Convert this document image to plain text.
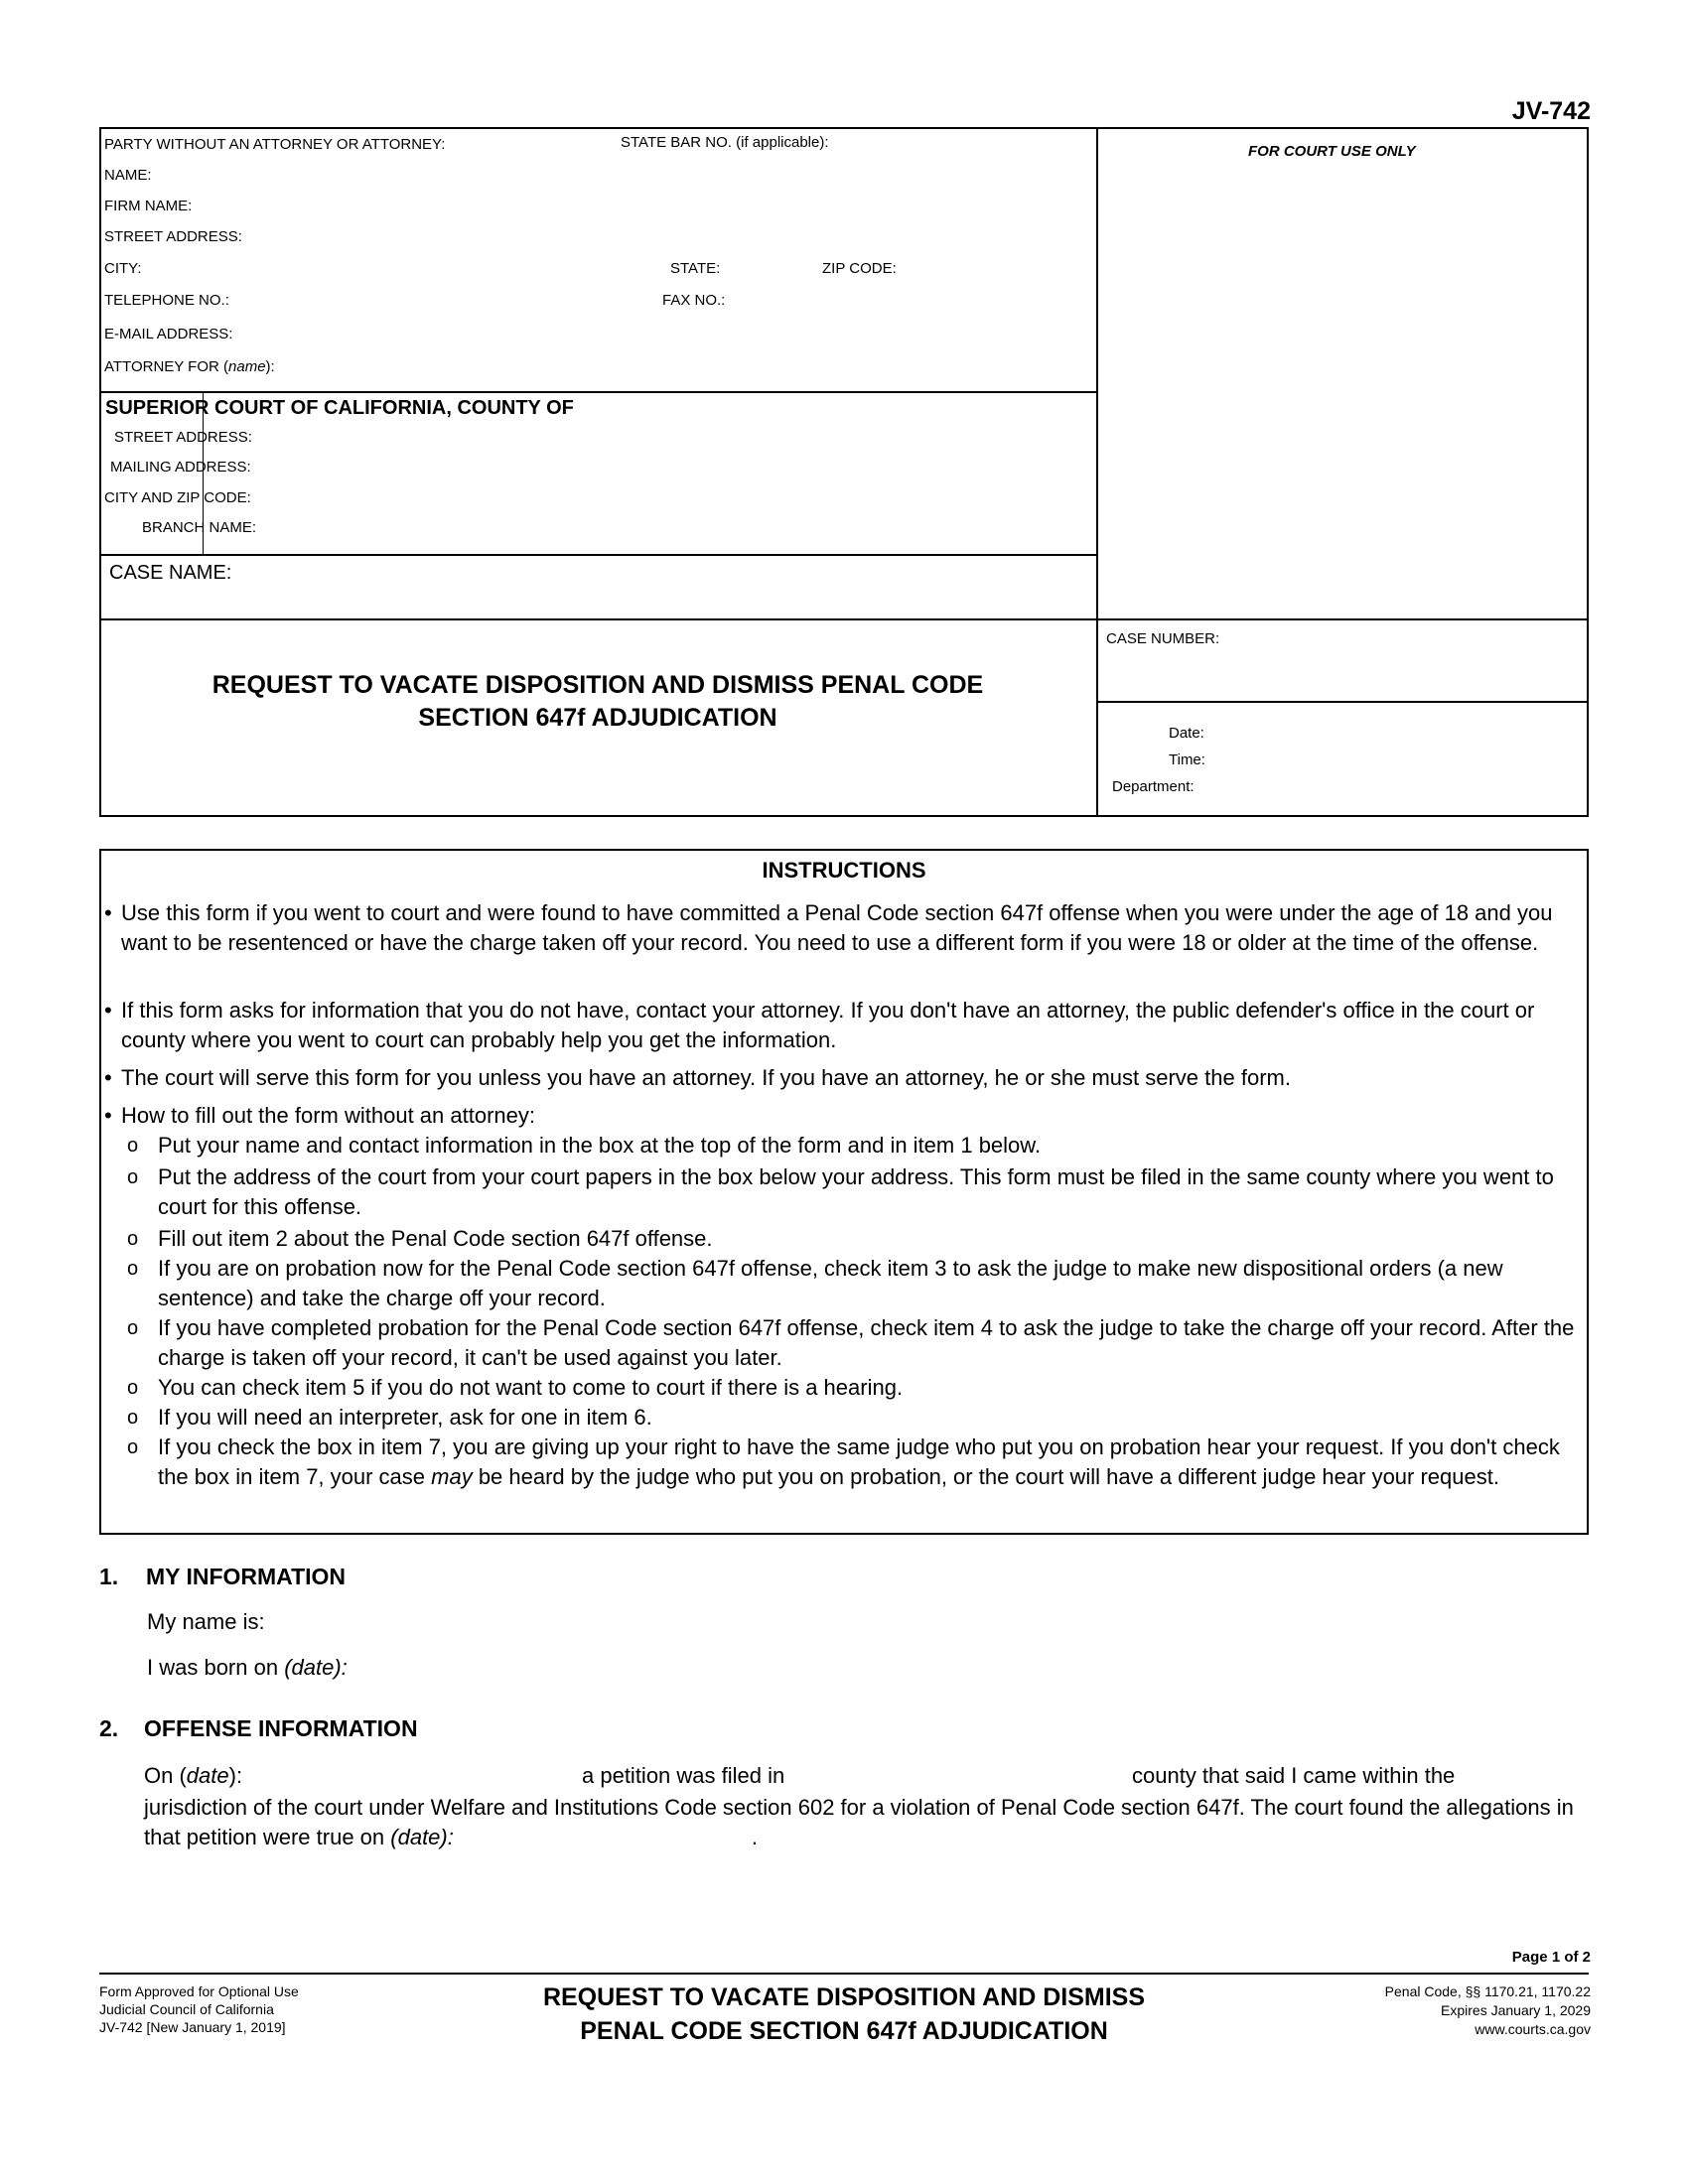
JV-742
PARTY WITHOUT AN ATTORNEY OR ATTORNEY:	STATE BAR NO. (if applicable):
NAME:
FIRM NAME:
STREET ADDRESS:
CITY:	STATE:	ZIP CODE:
TELEPHONE NO.:	FAX NO.:
E-MAIL ADDRESS:
ATTORNEY FOR (name):
FOR COURT USE ONLY
SUPERIOR COURT OF CALIFORNIA, COUNTY OF
STREET ADDRESS:
MAILING ADDRESS:
CITY AND ZIP CODE:
BRANCH NAME:
CASE NAME:
CASE NUMBER:
REQUEST TO VACATE DISPOSITION AND DISMISS PENAL CODE
SECTION 647f ADJUDICATION
Date:
Time:
Department:
INSTRUCTIONS
• Use this form if you went to court and were found to have committed a Penal Code section 647f offense when you were under the age of 18 and you want to be resentenced or have the charge taken off your record. You need to use a different form if you were 18 or older at the time of the offense.
• If this form asks for information that you do not have, contact your attorney. If you don't have an attorney, the public defender's office in the court or county where you went to court can probably help you get the information.
• The court will serve this form for you unless you have an attorney. If you have an attorney, he or she must serve the form.
• How to fill out the form without an attorney:
o Put your name and contact information in the box at the top of the form and in item 1 below.
o Put the address of the court from your court papers in the box below your address. This form must be filed in the same county where you went to court for this offense.
o Fill out item 2 about the Penal Code section 647f offense.
o If you are on probation now for the Penal Code section 647f offense, check item 3 to ask the judge to make new dispositional orders (a new sentence) and take the charge off your record.
o If you have completed probation for the Penal Code section 647f offense, check item 4 to ask the judge to take the charge off your record. After the charge is taken off your record, it can't be used against you later.
o You can check item 5 if you do not want to come to court if there is a hearing.
o If you will need an interpreter, ask for one in item 6.
o If you check the box in item 7, you are giving up your right to have the same judge who put you on probation hear your request. If you don't check the box in item 7, your case may be heard by the judge who put you on probation, or the court will have a different judge hear your request.
1. MY INFORMATION
My name is:
I was born on (date):
2. OFFENSE INFORMATION
On (date):	a petition was filed in	county that said I came within the
jurisdiction of the court under Welfare and Institutions Code section 602 for a violation of Penal Code section 647f. The court found the allegations in that petition were true on (date):	.
Page 1 of 2
Form Approved for Optional Use
Judicial Council of California
JV-742 [New January 1, 2019]
REQUEST TO VACATE DISPOSITION AND DISMISS
PENAL CODE SECTION 647f ADJUDICATION
Penal Code, §§ 1170.21, 1170.22
Expires January 1, 2029
www.courts.ca.gov
